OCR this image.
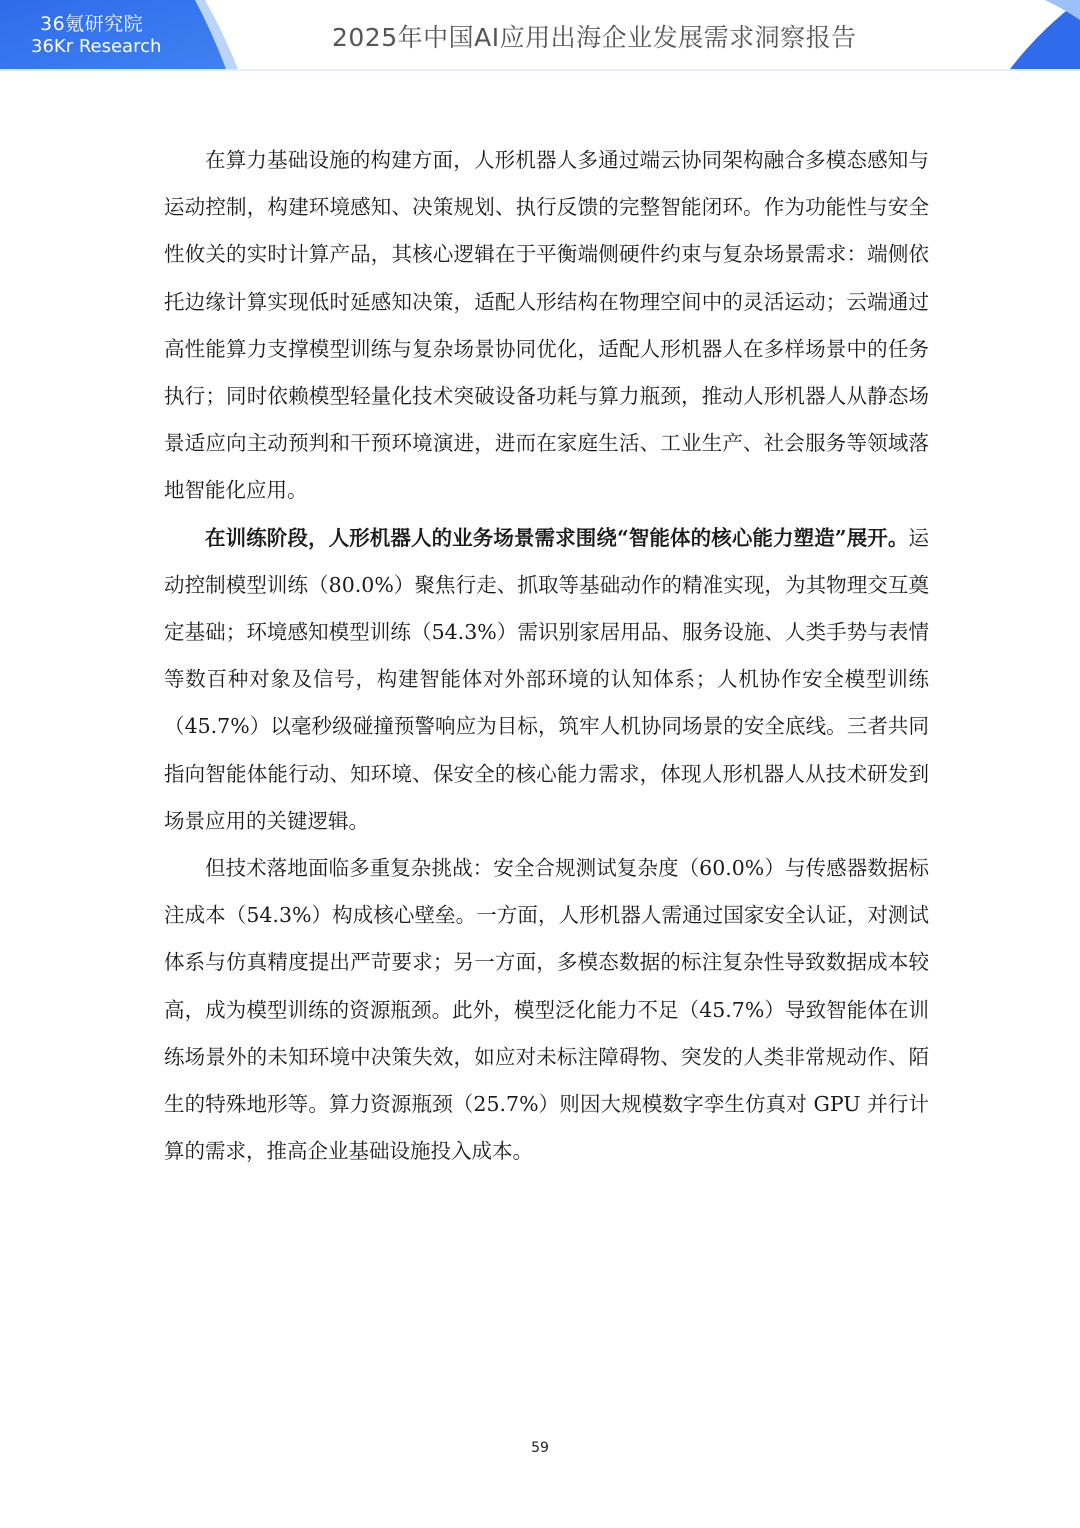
36氪研究院
36Kr Research	2025年中国AI应用出海企业发展需求洞察报告

在算力基础设施的构建方面，人形机器人多通过端云协同架构融合多模态感知与运动控制，构建环境感知、决策规划、执行反馈的完整智能闭环。作为功能性与安全性攸关的实时计算产品，其核心逻辑在于平衡端侧硬件约束与复杂场景需求：端侧依托边缘计算实现低时延感知决策，适配人形结构在物理空间中的灵活运动；云端通过高性能算力支撑模型训练与复杂场景协同优化，适配人形机器人在多样场景中的任务执行；同时依赖模型轻量化技术突破设备功耗与算力瓶颈，推动人形机器人从静态场景适应向主动预判和干预环境演进，进而在家庭生活、工业生产、社会服务等领域落地智能化应用。

在训练阶段，人形机器人的业务场景需求围绕“智能体的核心能力塑造”展开。运动控制模型训练（80.0%）聚焦行走、抓取等基础动作的精准实现，为其物理交互奠定基础；环境感知模型训练（54.3%）需识别家居用品、服务设施、人类手势与表情等数百种对象及信号，构建智能体对外部环境的认知体系；人机协作安全模型训练（45.7%）以毫秒级碰撞预警响应为目标，筑牢人机协同场景的安全底线。三者共同指向智能体能行动、知环境、保安全的核心能力需求，体现人形机器人从技术研发到场景应用的关键逻辑。

但技术落地面临多重复杂挑战：安全合规测试复杂度（60.0%）与传感器数据标注成本（54.3%）构成核心壁垒。一方面，人形机器人需通过国家安全认证，对测试体系与仿真精度提出严苛要求；另一方面，多模态数据的标注复杂性导致数据成本较高，成为模型训练的资源瓶颈。此外，模型泛化能力不足（45.7%）导致智能体在训练场景外的未知环境中决策失效，如应对未标注障碍物、突发的人类非常规动作、陌生的特殊地形等。算力资源瓶颈（25.7%）则因大规模数字孪生仿真对 GPU 并行计算的需求，推高企业基础设施投入成本。

59
